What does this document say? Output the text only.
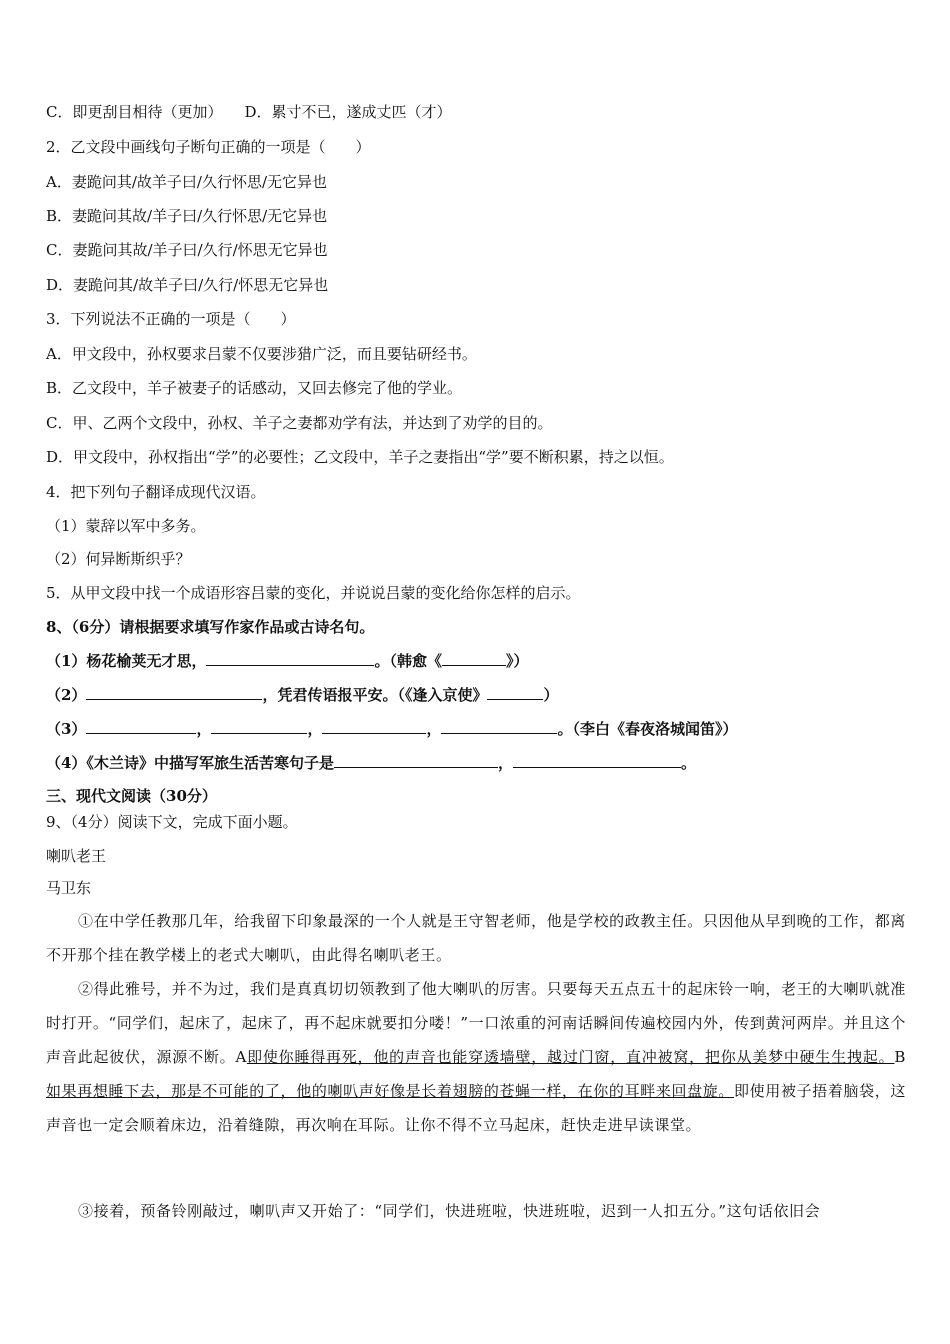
C．即更刮目相待（更加） D．累寸不已，遂成丈匹（才）
2．乙文段中画线句子断句正确的一项是（　　）
A．妻跪问其/故羊子曰/久行怀思/无它异也
B．妻跪问其故/羊子曰/久行怀思/无它异也
C．妻跪问其故/羊子曰/久行/怀思无它异也
D．妻跪问其/故羊子曰/久行/怀思无它异也
3．下列说法不正确的一项是（　　）
A．甲文段中，孙权要求吕蒙不仅要涉猎广泛，而且要钻研经书。
B．乙文段中，羊子被妻子的话感动，又回去修完了他的学业。
C．甲、乙两个文段中，孙权、羊子之妻都劝学有法，并达到了劝学的目的。
D．甲文段中，孙权指出“学”的必要性；乙文段中，羊子之妻指出“学”要不断积累，持之以恒。
4．把下列句子翻译成现代汉语。
（1）蒙辞以军中多务。
（2）何异断斯织乎？
5．从甲文段中找一个成语形容吕蒙的变化，并说说吕蒙的变化给你怎样的启示。
8、（6分）请根据要求填写作家作品或古诗名句。
（1）杨花榆荚无才思，	。（韩愈《	》）
（2）	，凭君传语报平安。（《逢入京使》	）
（3）	，	，	，	。（李白《春夜洛城闻笛》）
（4）《木兰诗》中描写军旅生活苦寒句子是	，	。
三、现代文阅读（30分）
9、（4分）阅读下文，完成下面小题。
喇叭老王
马卫东
①在中学任教那几年，给我留下印象最深的一个人就是王守智老师，他是学校的政教主任。只因他从早到晚的工作，都离不开那个挂在教学楼上的老式大喇叭，由此得名喇叭老王。
②得此雅号，并不为过，我们是真真切切领教到了他大喇叭的厉害。只要每天五点五十的起床铃一响，老王的大喇叭就准时打开。“同学们，起床了，起床了，再不起床就要扣分喽！”一口浓重的河南话瞬间传遍校园内外，传到黄河两岸。并且这个声音此起彼伏，源源不断。A即使你睡得再死，他的声音也能穿透墙壁，越过门窗，直冲被窝，把你从美梦中硬生生拽起。B如果再想睡下去，那是不可能的了，他的喇叭声好像是长着翅膀的苍蝇一样，在你的耳畔来回盘旋。即使用被子捂着脑袋，这声音也一定会顺着床边，沿着缝隙，再次响在耳际。让你不得不立马起床，赶快走进早读课堂。
③接着，预备铃刚敲过，喇叭声又开始了：“同学们，快进班啦，快进班啦，迟到一人扣五分。”这句话依旧会
